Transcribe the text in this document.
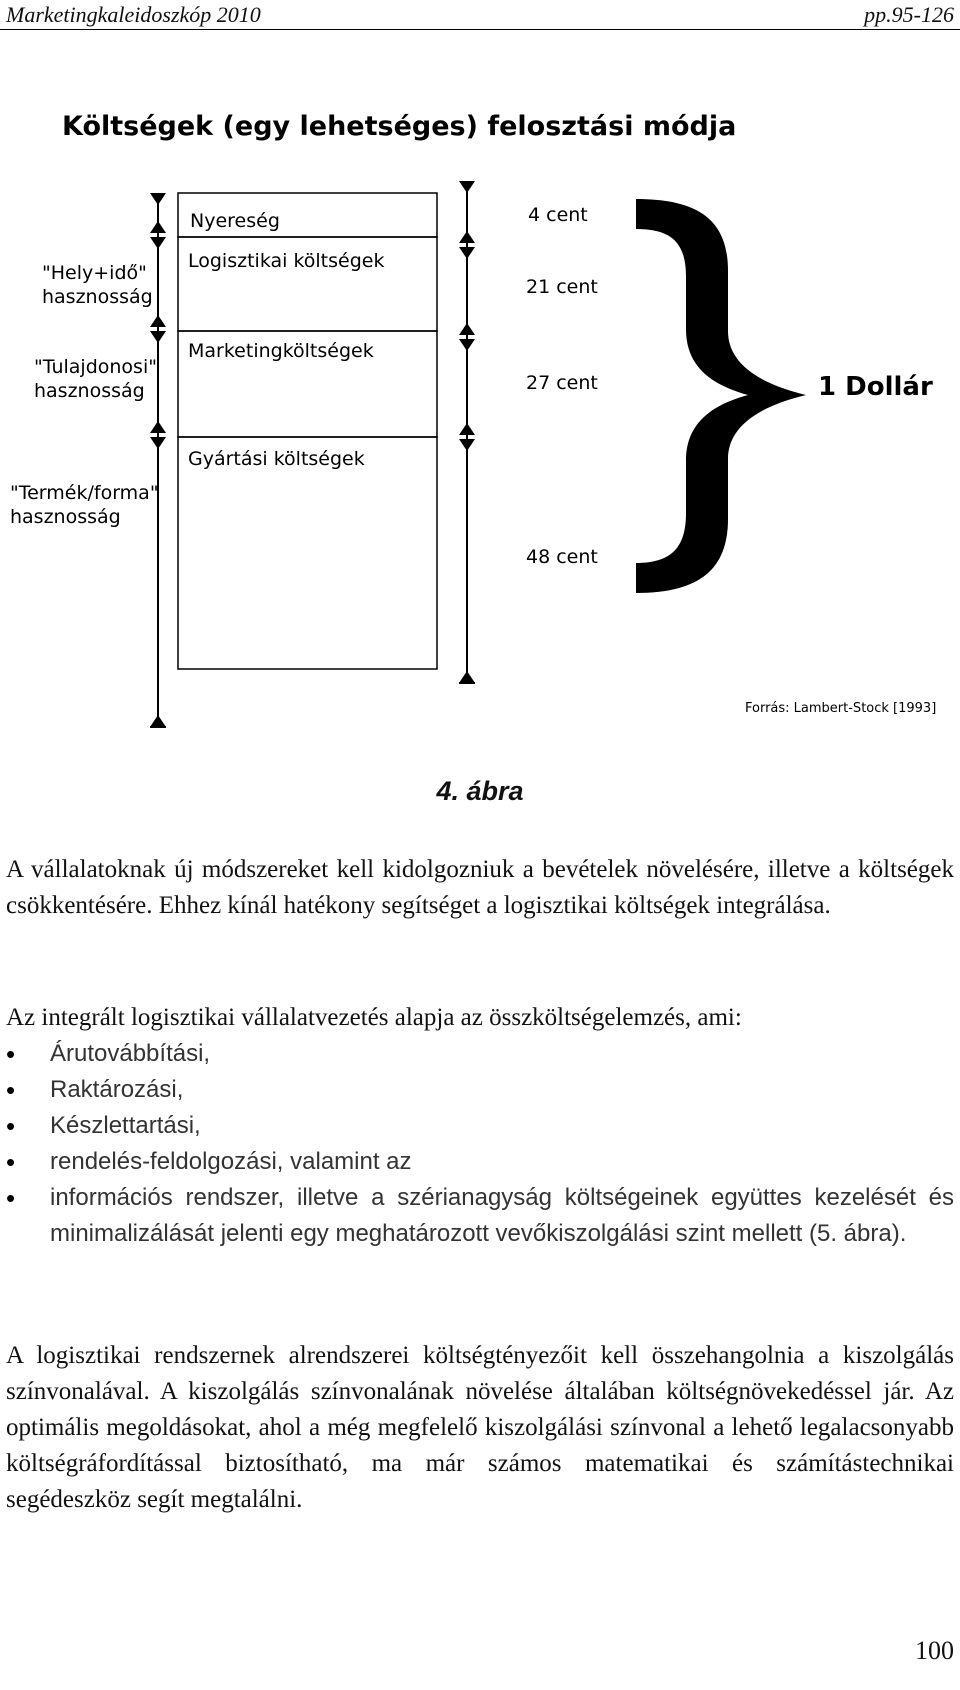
Marketingkaleidoszkóp 2010	pp.95-126
Költségek (egy lehetséges) felosztási módja
Nyereség
Logisztikai költségek
Marketingköltségek
Gyártási költségek
"Hely+idő"
hasznosság
"Tulajdonosi"
hasznosság
"Termék/forma"
hasznosság
4 cent
21 cent
27 cent
48 cent
1 Dollár
Forrás: Lambert-Stock [1993]
4. ábra
A vállalatoknak új módszereket kell kidolgozniuk a bevételek növelésére, illetve a költségek csökkentésére. Ehhez kínál hatékony segítséget a logisztikai költségek integrálása.

Az integrált logisztikai vállalatvezetés alapja az összköltségelemzés, ami:

• Árutovábbítási,
• Raktározási,
• Készlettartási,
• rendelés-feldolgozási, valamint az
• információs rendszer, illetve a szérianagyság költségeinek együttes kezelését és minimalizálását jelenti egy meghatározott vevőkiszolgálási szint mellett (5. ábra).
A logisztikai rendszernek alrendszerei költségtényezőit kell összehangolnia a kiszolgálás színvonalával. A kiszolgálás színvonalának növelése általában költségnövekedéssel jár. Az optimális megoldásokat, ahol a még megfelelő kiszolgálási színvonal a lehető legalacsonyabb költségráfordítással biztosítható, ma már számos matematikai és számítástechnikai segédeszköz segít megtalálni.
100
